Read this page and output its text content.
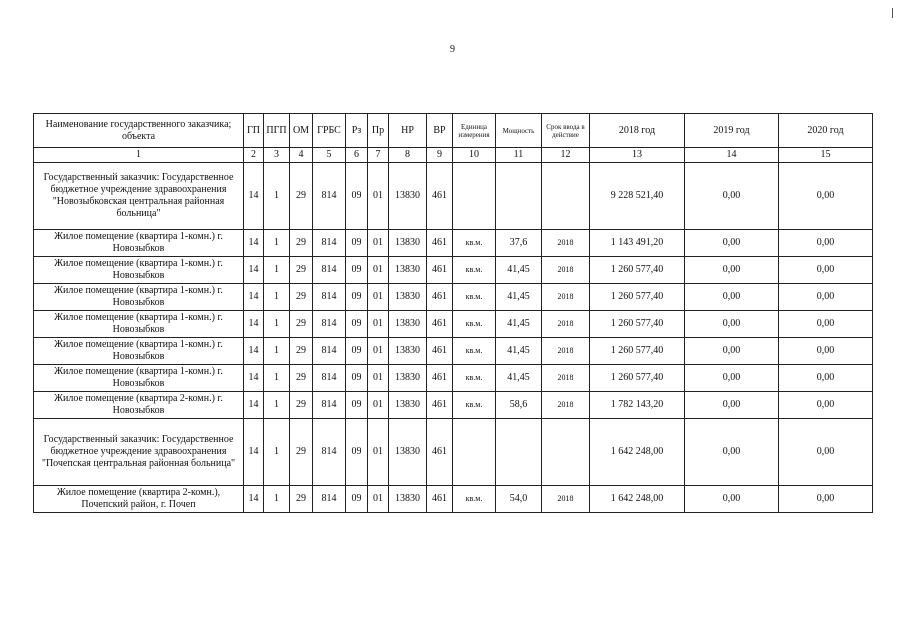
9
Наименование государственного заказчика; объекта	ГП	ПГП	ОМ	ГРБС	Рз	Пр	НР	ВР	Единица измерения	Мощность	Срок ввода в действие	2018 год	2019 год	2020 год
1	2	3	4	5	6	7	8	9	10	11	12	13	14	15
Государственный заказчик: Государственное бюджетное учреждение здравоохранения "Новозыбковская центральная районная больница"	14	1	29	814	09	01	13830	461				9 228 521,40	0,00	0,00
Жилое помещение (квартира 1-комн.) г. Новозыбков	14	1	29	814	09	01	13830	461	кв.м.	37,6	2018	1 143 491,20	0,00	0,00
Жилое помещение (квартира 1-комн.) г. Новозыбков	14	1	29	814	09	01	13830	461	кв.м.	41,45	2018	1 260 577,40	0,00	0,00
Жилое помещение (квартира 1-комн.) г. Новозыбков	14	1	29	814	09	01	13830	461	кв.м.	41,45	2018	1 260 577,40	0,00	0,00
Жилое помещение (квартира 1-комн.) г. Новозыбков	14	1	29	814	09	01	13830	461	кв.м.	41,45	2018	1 260 577,40	0,00	0,00
Жилое помещение (квартира 1-комн.) г. Новозыбков	14	1	29	814	09	01	13830	461	кв.м.	41,45	2018	1 260 577,40	0,00	0,00
Жилое помещение (квартира 1-комн.) г. Новозыбков	14	1	29	814	09	01	13830	461	кв.м.	41,45	2018	1 260 577,40	0,00	0,00
Жилое помещение (квартира 2-комн.) г. Новозыбков	14	1	29	814	09	01	13830	461	кв.м.	58,6	2018	1 782 143,20	0,00	0,00
Государственный заказчик: Государственное бюджетное учреждение здравоохранения "Почепская центральная районная больница"	14	1	29	814	09	01	13830	461				1 642 248,00	0,00	0,00
Жилое помещение (квартира 2-комн.), Почепский район, г. Почеп	14	1	29	814	09	01	13830	461	кв.м.	54,0	2018	1 642 248,00	0,00	0,00
